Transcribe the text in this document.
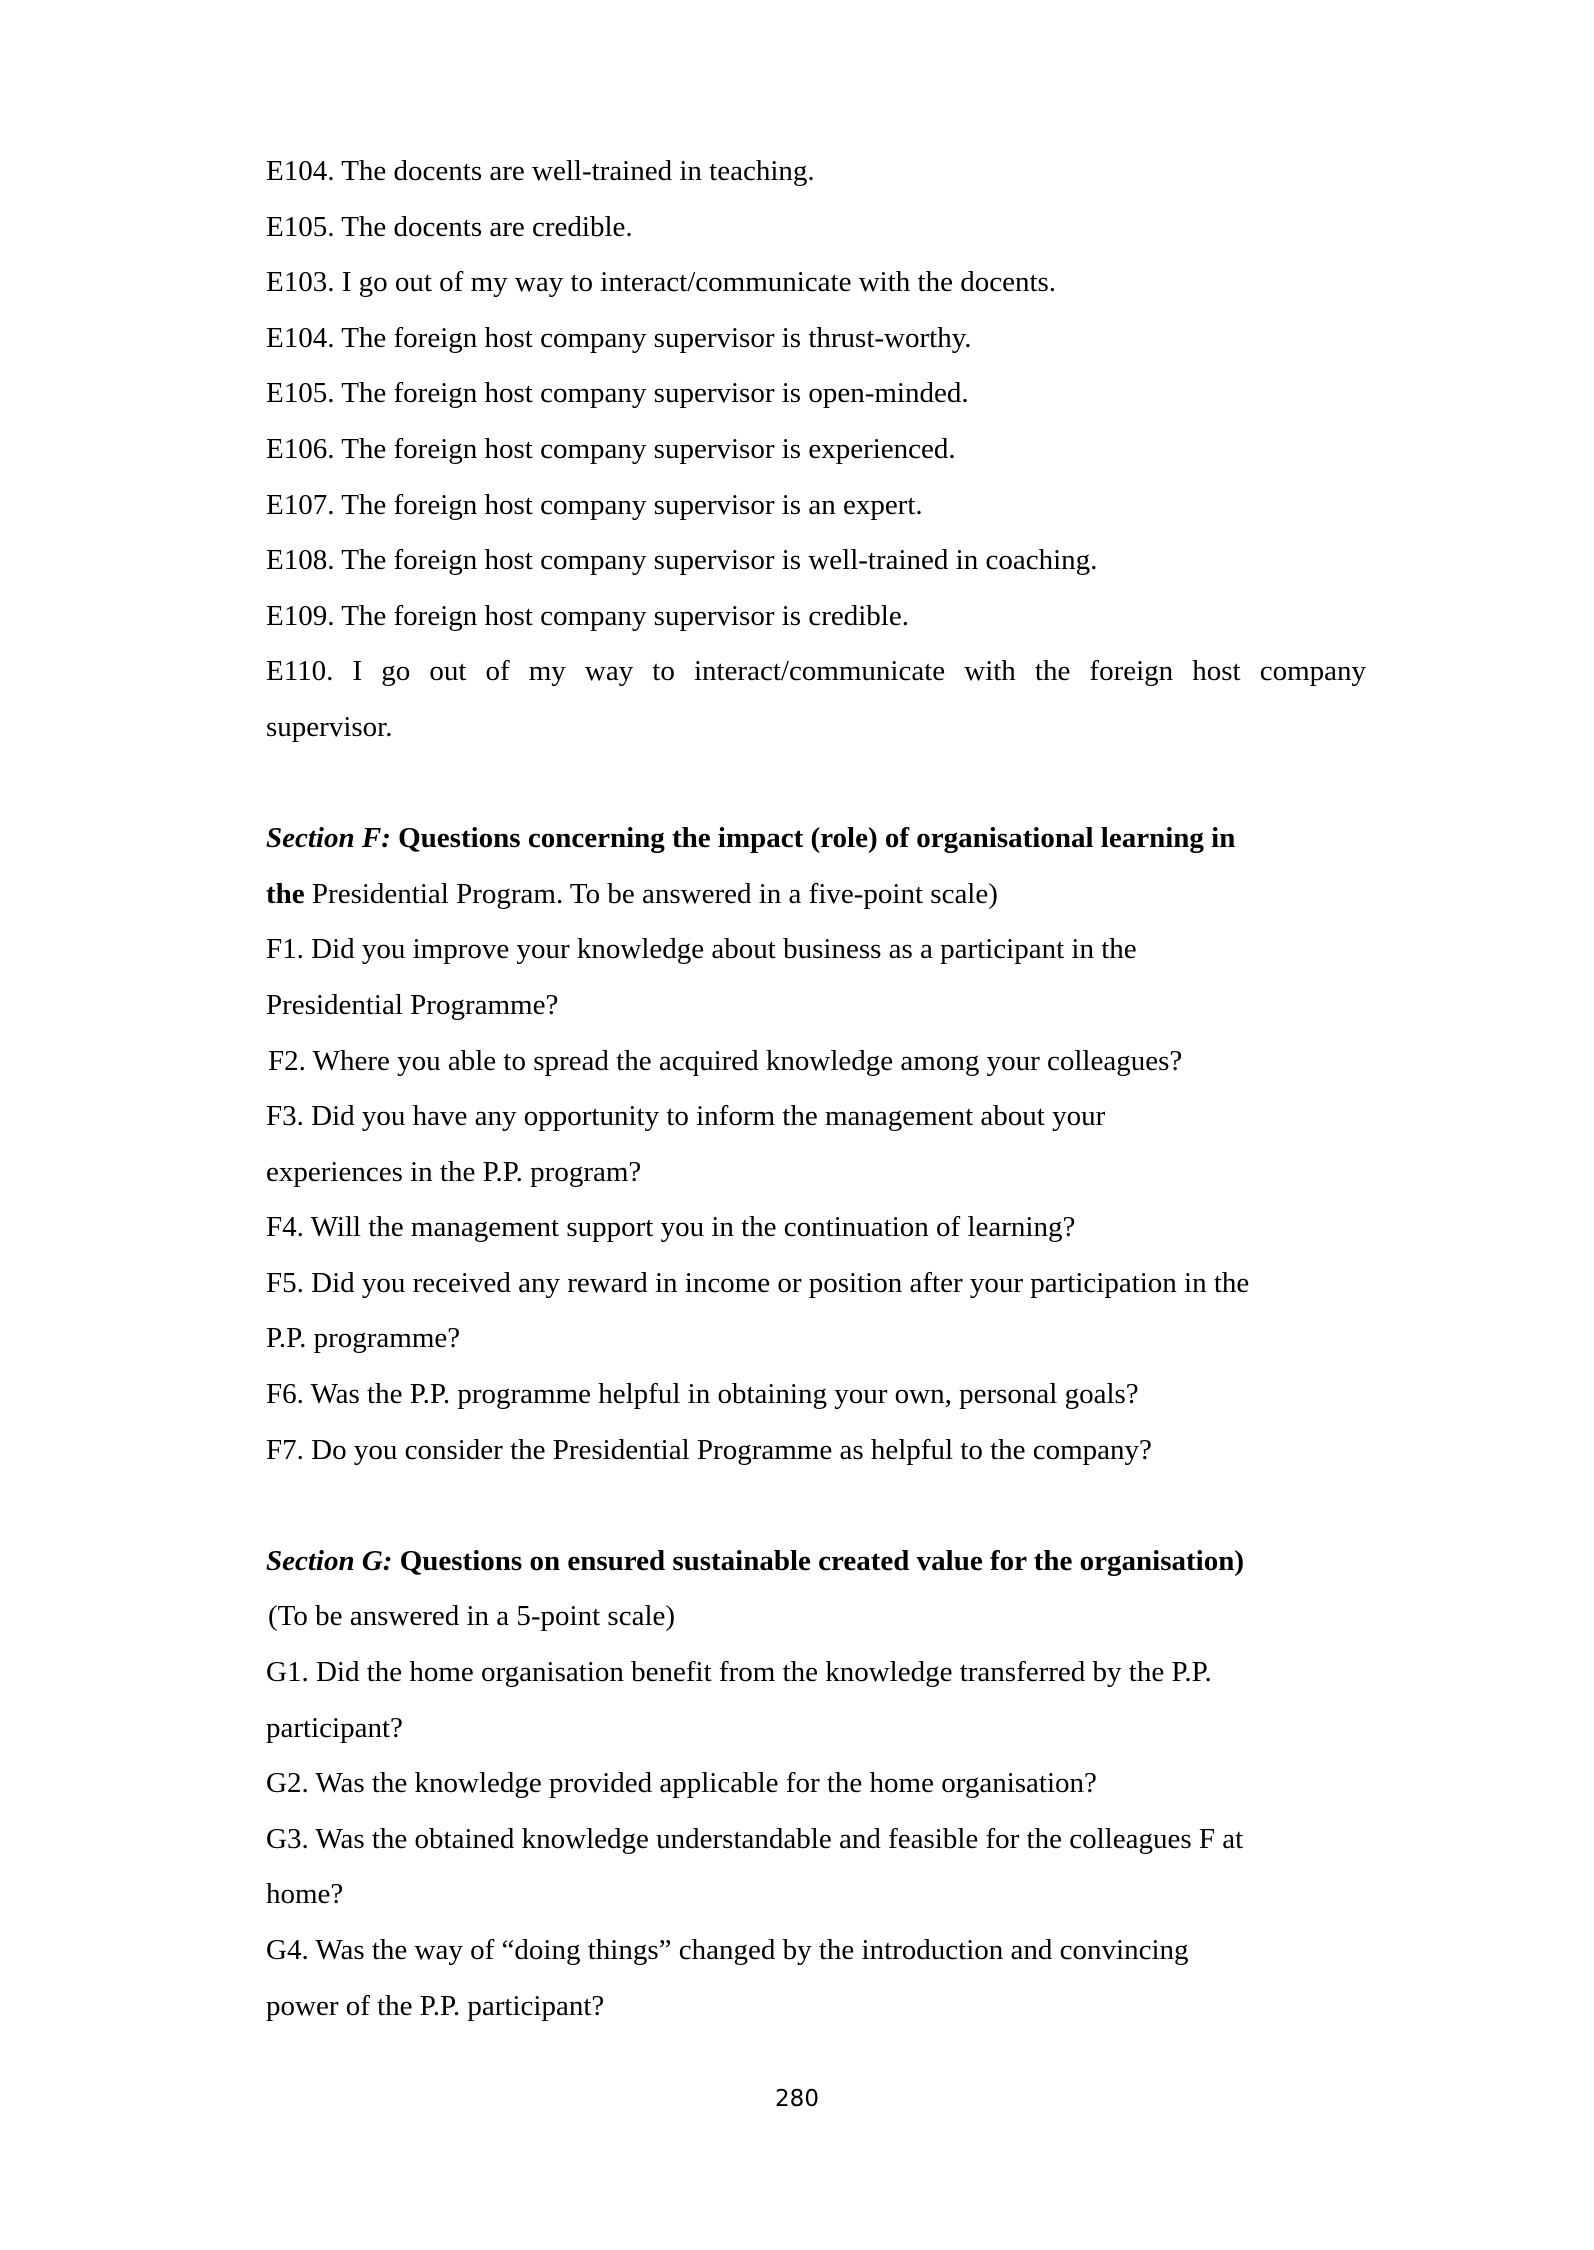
E104. The docents are well-trained in teaching.
E105. The docents are credible.
E103. I go out of my way to interact/communicate with the docents.
E104. The foreign host company supervisor is thrust-worthy.
E105. The foreign host company supervisor is open-minded.
E106. The foreign host company supervisor is experienced.
E107. The foreign host company supervisor is an expert.
E108. The foreign host company supervisor is well-trained in coaching.
E109. The foreign host company supervisor is credible.
E110. I go out of my way to interact/communicate with the foreign host company
supervisor.
Section F: Questions concerning the impact (role) of organisational learning in
the Presidential Program. To be answered in a five-point scale)
F1. Did you improve your knowledge about business as a participant in the
Presidential Programme?
F2. Where you able to spread the acquired knowledge among your colleagues?
F3. Did you have any opportunity to inform the management about your
experiences in the P.P. program?
F4. Will the management support you in the continuation of learning?
F5. Did you received any reward in income or position after your participation in the
P.P. programme?
F6. Was the P.P. programme helpful in obtaining your own, personal goals?
F7. Do you consider the Presidential Programme as helpful to the company?
Section G: Questions on ensured sustainable created value for the organisation)
(To be answered in a 5-point scale)
G1. Did the home organisation benefit from the knowledge transferred by the P.P.
participant?
G2. Was the knowledge provided applicable for the home organisation?
G3. Was the obtained knowledge understandable and feasible for the colleagues F at
home?
G4. Was the way of “doing things” changed by the introduction and convincing
power of the P.P. participant?
280
